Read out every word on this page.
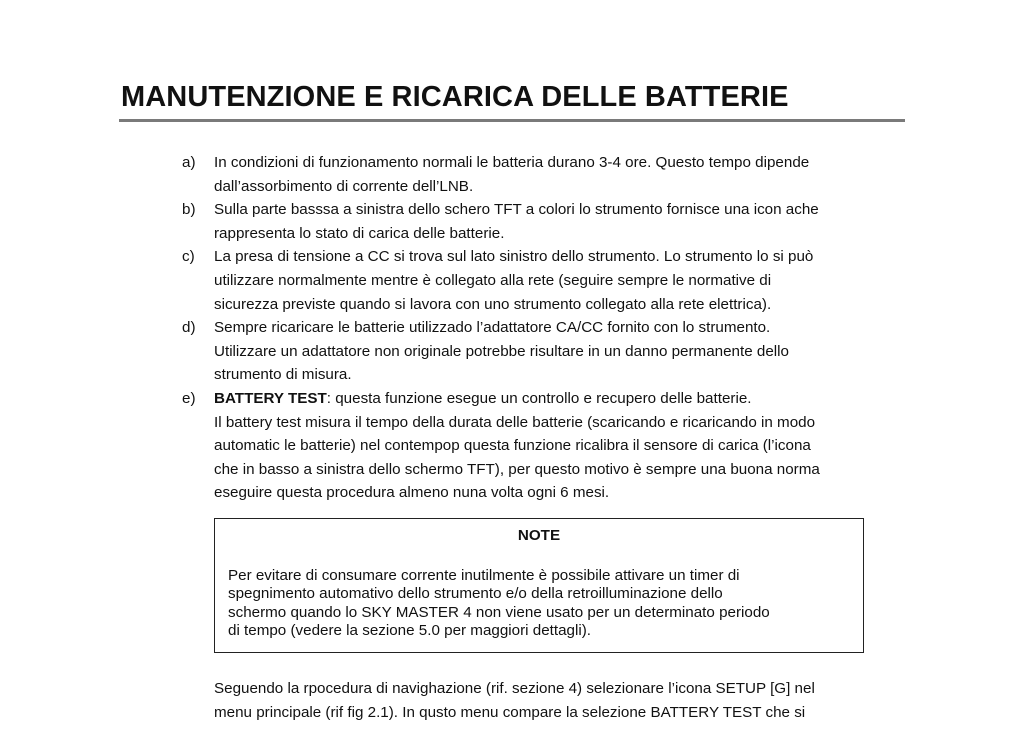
MANUTENZIONE E RICARICA DELLE BATTERIE
a) In condizioni di funzionamento normali le batteria durano 3-4 ore. Questo tempo dipende
dall’assorbimento di corrente dell’LNB.
b) Sulla parte basssa a sinistra dello schero TFT a colori lo strumento fornisce una icon ache
rappresenta lo stato di carica delle batterie.
c) La presa di tensione a CC si trova sul lato sinistro dello strumento. Lo strumento lo si può
utilizzare normalmente mentre è collegato alla rete (seguire sempre le normative di
sicurezza previste quando si lavora con uno strumento collegato alla rete elettrica).
d) Sempre ricaricare le batterie utilizzado l’adattatore CA/CC fornito con lo strumento.
Utilizzare un adattatore non originale potrebbe risultare in un danno permanente dello
strumento di misura.
e) BATTERY TEST: questa funzione esegue un controllo e recupero delle batterie.
Il battery test misura il tempo della durata delle batterie (scaricando e ricaricando in modo
automatic le batterie) nel contempop questa funzione ricalibra il sensore di carica (l’icona
che in basso a sinistra dello schermo TFT), per questo motivo è sempre una buona norma
eseguire questa procedura almeno nuna volta ogni 6 mesi.
NOTE
Per evitare di consumare corrente inutilmente è possibile attivare un timer di
spegnimento automativo dello strumento e/o della retroilluminazione dello
schermo quando lo SKY MASTER 4 non viene usato per un determinato periodo
di tempo (vedere la sezione 5.0 per maggiori dettagli).
Seguendo la rpocedura di navighazione (rif. sezione 4) selezionare l’icona SETUP [G] nel
menu principale (rif fig 2.1). In qusto menu compare la selezione BATTERY TEST che si
